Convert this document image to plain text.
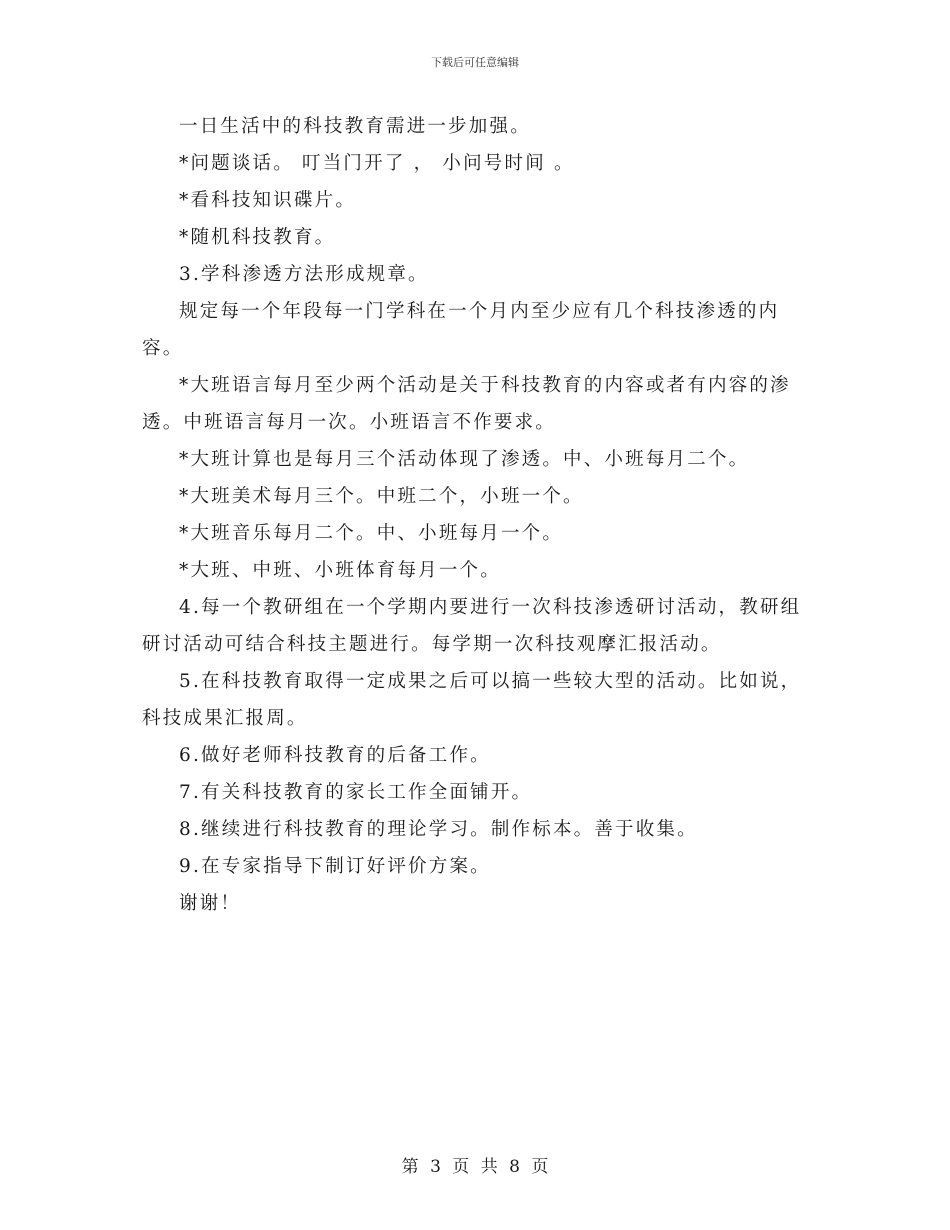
下载后可任意编辑

一日生活中的科技教育需进一步加强。

*问题谈话。 叮当门开了 ， 小问号时间 。

*看科技知识碟片。

*随机科技教育。

3.学科渗透方法形成规章。

规定每一个年段每一门学科在一个月内至少应有几个科技渗透的内容。

*大班语言每月至少两个活动是关于科技教育的内容或者有内容的渗透。中班语言每月一次。小班语言不作要求。

*大班计算也是每月三个活动体现了渗透。中、小班每月二个。

*大班美术每月三个。中班二个，小班一个。

*大班音乐每月二个。中、小班每月一个。

*大班、中班、小班体育每月一个。

4.每一个教研组在一个学期内要进行一次科技渗透研讨活动，教研组研讨活动可结合科技主题进行。每学期一次科技观摩汇报活动。

5.在科技教育取得一定成果之后可以搞一些较大型的活动。比如说，科技成果汇报周。

6.做好老师科技教育的后备工作。

7.有关科技教育的家长工作全面铺开。

8.继续进行科技教育的理论学习。制作标本。善于收集。

9.在专家指导下制订好评价方案。

谢谢！

第 3 页 共 8 页
